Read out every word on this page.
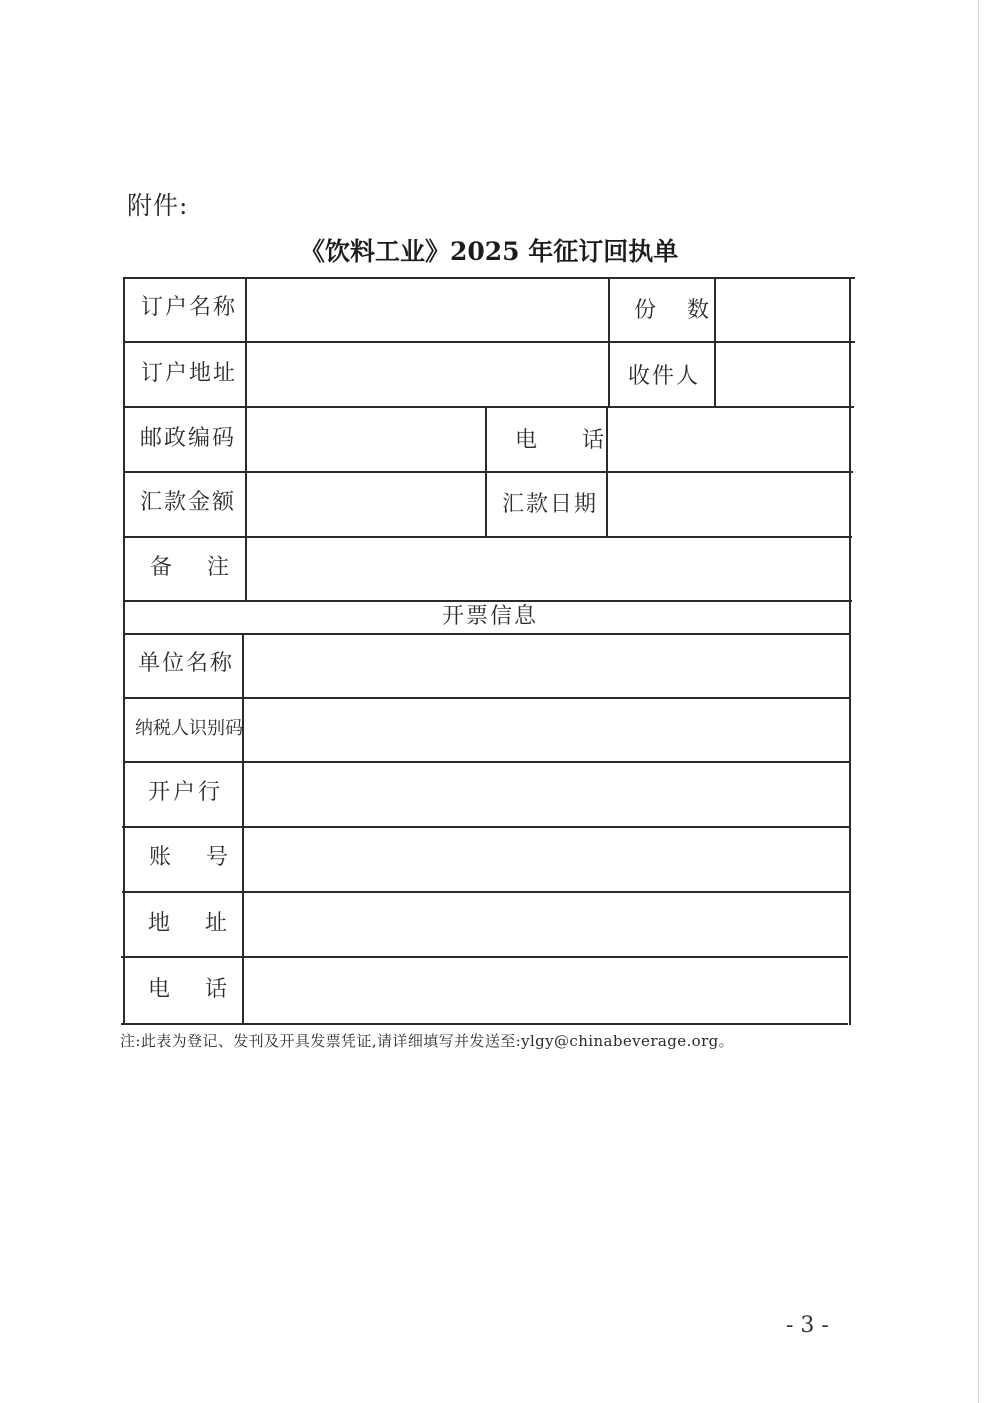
附件:
《饮料工业》2025 年征订回执单
订户名称	份 数
订户地址	收件人
邮政编码	电 话
汇款金额	汇款日期
备 注
开票信息
单位名称
纳税人识别码
开户行
账 号
地 址
电 话
注:此表为登记、发刊及开具发票凭证,请详细填写并发送至:ylgy@chinabeverage.org。
- 3 -
